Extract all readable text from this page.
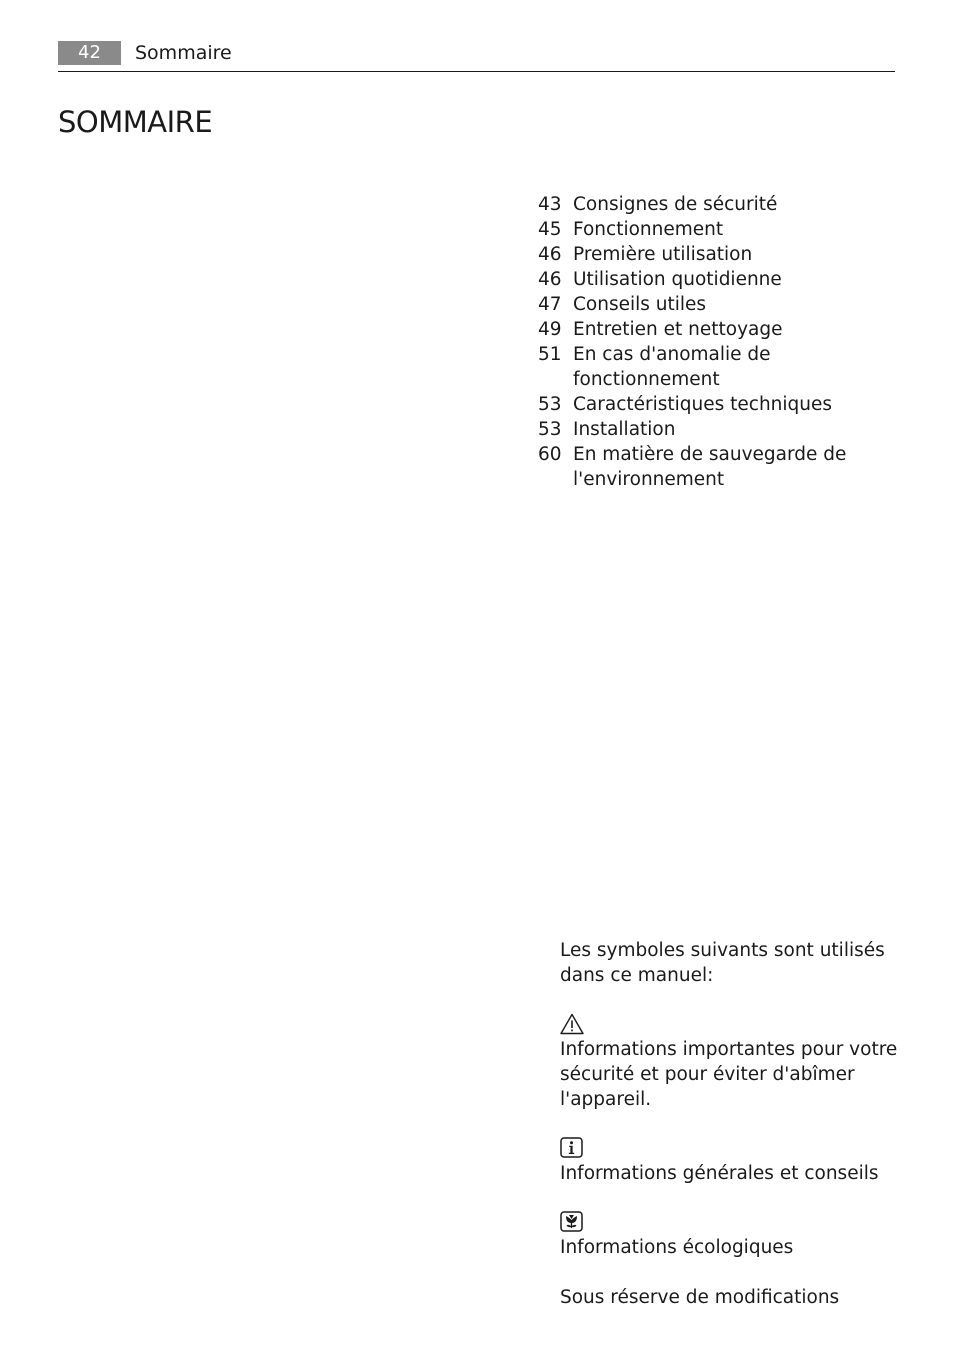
42	Sommaire
SOMMAIRE
43 Consignes de sécurité
45 Fonctionnement
46 Première utilisation
46 Utilisation quotidienne
47 Conseils utiles
49 Entretien et nettoyage
51 En cas d'anomalie de
fonctionnement
53 Caractéristiques techniques
53 Installation
60 En matière de sauvegarde de
l'environnement

Les symboles suivants sont utilisés dans ce manuel:

Informations importantes pour votre sécurité et pour éviter d'abîmer l'appareil.

Informations générales et conseils

Informations écologiques

Sous réserve de modifications
